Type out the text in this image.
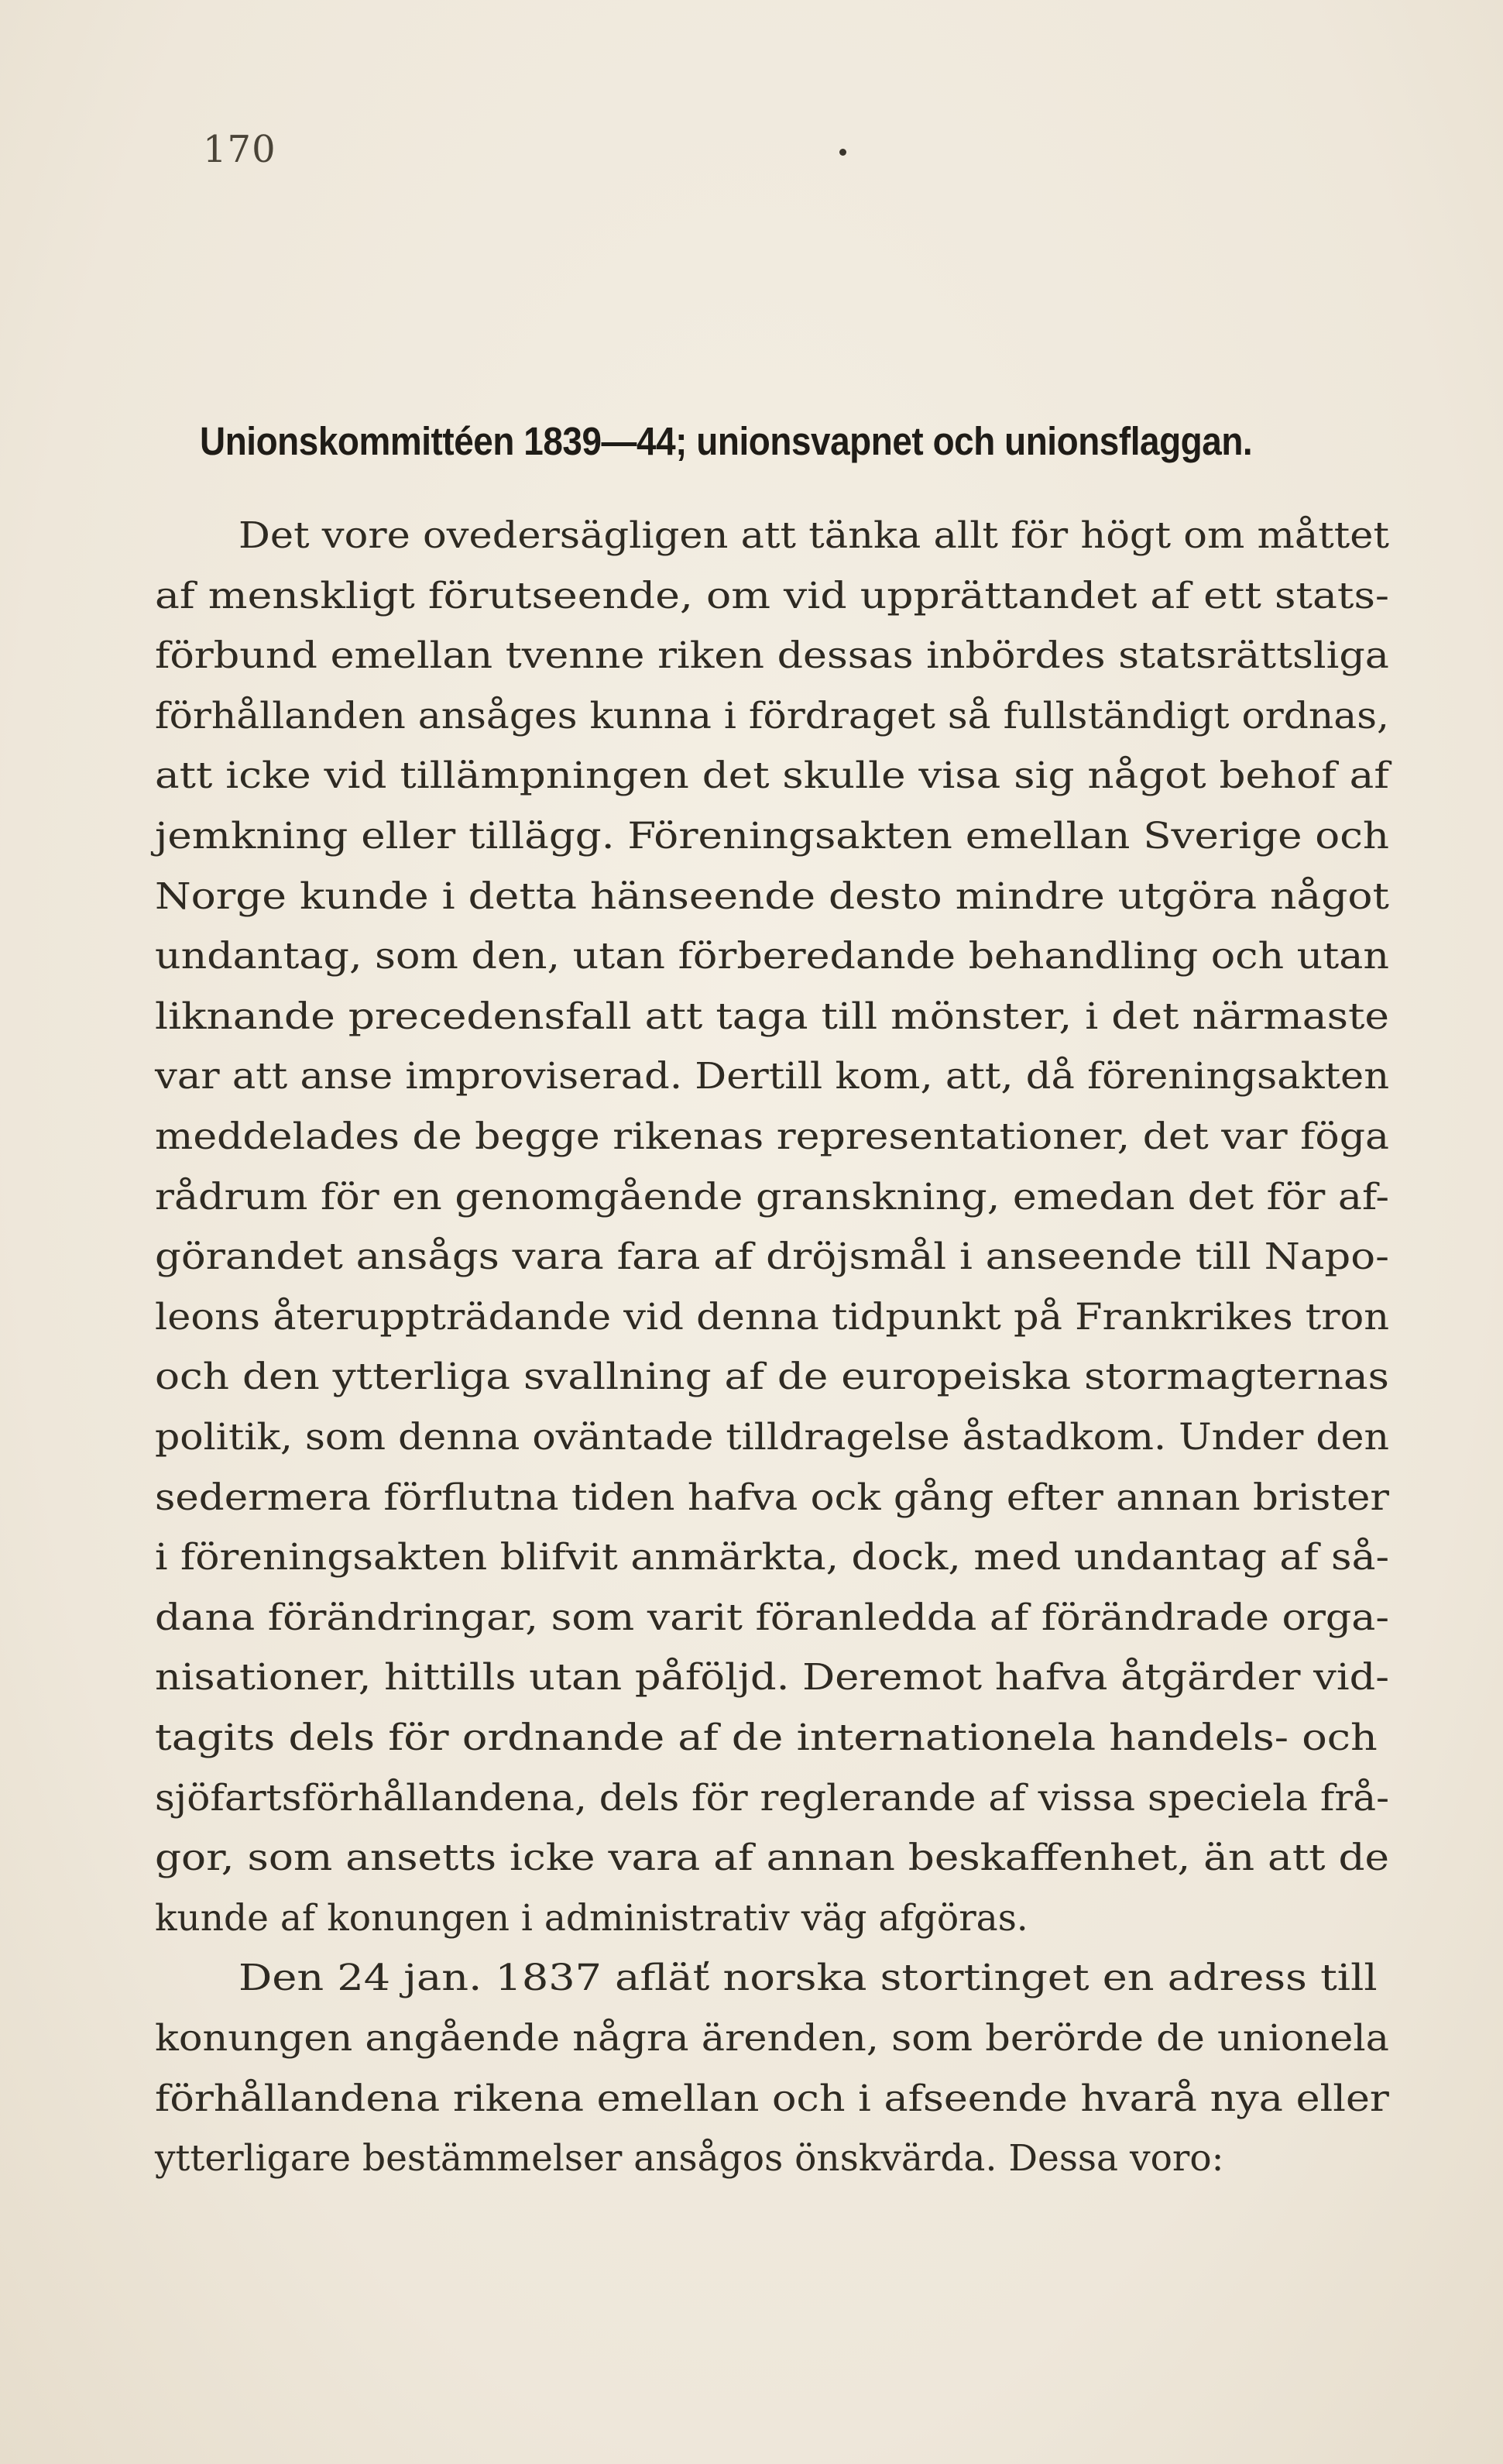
170
Unionskommittéen 1839—44; unionsvapnet och unionsflaggan.
Det vore ovedersägligen att tänka allt för högt om måttet
af menskligt förutseende, om vid upprättandet af ett stats-
förbund emellan tvenne riken dessas inbördes statsrättsliga
förhållanden ansåges kunna i fördraget så fullständigt ordnas,
att icke vid tillämpningen det skulle visa sig något behof af
jemkning eller tillägg. Föreningsakten emellan Sverige och
Norge kunde i detta hänseende desto mindre utgöra något
undantag, som den, utan förberedande behandling och utan
liknande precedensfall att taga till mönster, i det närmaste
var att anse improviserad. Dertill kom, att, då föreningsakten
meddelades de begge rikenas representationer, det var föga
rådrum för en genomgående granskning, emedan det för af-
görandet ansågs vara fara af dröjsmål i anseende till Napo-
leons återuppträdande vid denna tidpunkt på Frankrikes tron
och den ytterliga svallning af de europeiska stormagternas
politik, som denna oväntade tilldragelse åstadkom. Under den
sedermera förflutna tiden hafva ock gång efter annan brister
i föreningsakten blifvit anmärkta, dock, med undantag af så-
dana förändringar, som varit föranledda af förändrade orga-
nisationer, hittills utan påföljd. Deremot hafva åtgärder vid-
tagits dels för ordnande af de internationela handels- och
sjöfartsförhållandena, dels för reglerande af vissa speciela frå-
gor, som ansetts icke vara af annan beskaffenhet, än att de
kunde af konungen i administrativ väg afgöras.
Den 24 jan. 1837 afläť norska stortinget en adress till
konungen angående några ärenden, som berörde de unionela
förhållandena rikena emellan och i afseende hvarå nya eller
ytterligare bestämmelser ansågos önskvärda. Dessa voro:
